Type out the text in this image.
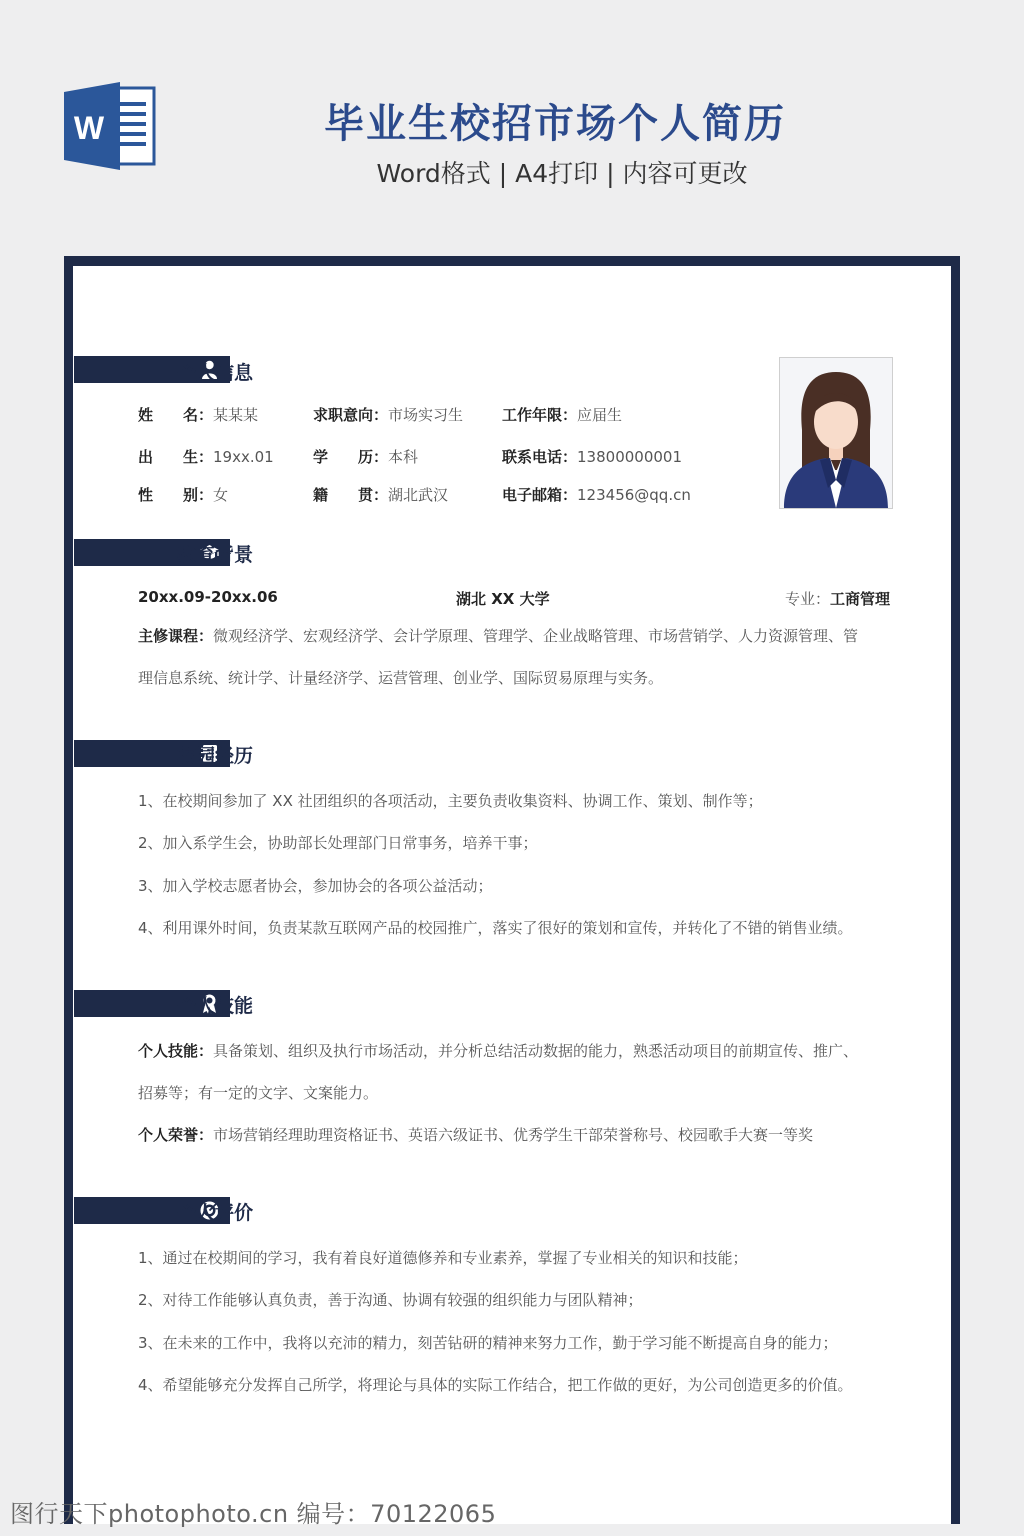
W	毕业生校招市场个人简历
Word格式 | A4打印 | 内容可更改
个人信息
姓　　名：某某某	求职意向：市场实习生	工作年限：应届生
出　　生：19xx.01	学　　历：本科	联系电话：13800000001
性　　别：女	籍　　贯：湖北武汉	电子邮箱：123456@qq.cn
教育背景
20xx.09-20xx.06	湖北 XX 大学	专业：工商管理
主修课程：微观经济学、宏观经济学、会计学原理、管理学、企业战略管理、市场营销学、人力资源管理、管
理信息系统、统计学、计量经济学、运营管理、创业学、国际贸易原理与实务。
校园经历
1、在校期间参加了 XX 社团组织的各项活动，主要负责收集资料、协调工作、策划、制作等；
2、加入系学生会，协助部长处理部门日常事务，培养干事；
3、加入学校志愿者协会，参加协会的各项公益活动；
4、利用课外时间，负责某款互联网产品的校园推广，落实了很好的策划和宣传，并转化了不错的销售业绩。
个人技能
个人技能：具备策划、组织及执行市场活动，并分析总结活动数据的能力，熟悉活动项目的前期宣传、推广、
招募等；有一定的文字、文案能力。
个人荣誉：市场营销经理助理资格证书、英语六级证书、优秀学生干部荣誉称号、校园歌手大赛一等奖
个人评价
1、通过在校期间的学习，我有着良好道德修养和专业素养，掌握了专业相关的知识和技能；
2、对待工作能够认真负责，善于沟通、协调有较强的组织能力与团队精神；
3、在未来的工作中，我将以充沛的精力，刻苦钻研的精神来努力工作，勤于学习能不断提高自身的能力；
4、希望能够充分发挥自己所学，将理论与具体的实际工作结合，把工作做的更好，为公司创造更多的价值。
图行天下photophoto.cn 编号：70122065
